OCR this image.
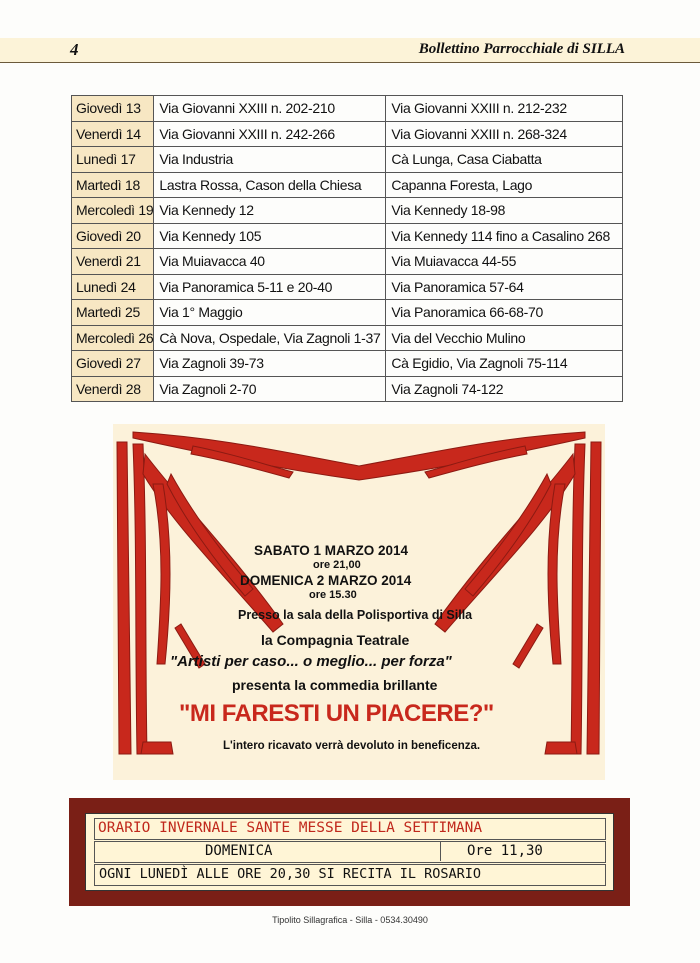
4	Bollettino Parrocchiale di SILLA
Giovedì 13	Via Giovanni XXIII n. 202-210	Via Giovanni XXIII n. 212-232
Venerdì 14	Via Giovanni XXIII n. 242-266	Via Giovanni XXIII n. 268-324
Lunedì 17	Via Industria	Cà Lunga, Casa Ciabatta
Martedì 18	Lastra Rossa, Cason della Chiesa	Capanna Foresta, Lago
Mercoledì 19	Via Kennedy 12	Via Kennedy 18-98
Giovedì 20	Via Kennedy 105	Via Kennedy 114 fino a Casalino 268
Venerdì 21	Via Muiavacca 40	Via Muiavacca 44-55
Lunedì 24	Via Panoramica 5-11 e 20-40	Via Panoramica 57-64
Martedì 25	Via 1° Maggio	Via Panoramica 66-68-70
Mercoledì 26	Cà Nova, Ospedale, Via Zagnoli 1-37	Via del Vecchio Mulino
Giovedì 27	Via Zagnoli 39-73	Cà Egidio, Via Zagnoli 75-114
Venerdì 28	Via Zagnoli 2-70	Via Zagnoli 74-122
SABATO 1 MARZO 2014
ore 21,00
DOMENICA 2 MARZO 2014
ore 15.30
Presso la sala della Polisportiva di Silla
la Compagnia Teatrale
"Artisti per caso... o meglio... per forza"
presenta la commedia brillante
"MI FARESTI UN PIACERE?"
L'intero ricavato verrà devoluto in beneficenza.
ORARIO INVERNALE SANTE MESSE DELLA SETTIMANA
DOMENICA	Ore 11,30
OGNI LUNEDÌ ALLE ORE 20,30 SI RECITA IL ROSARIO
Tipolito Sillagrafica - Silla - 0534.30490
